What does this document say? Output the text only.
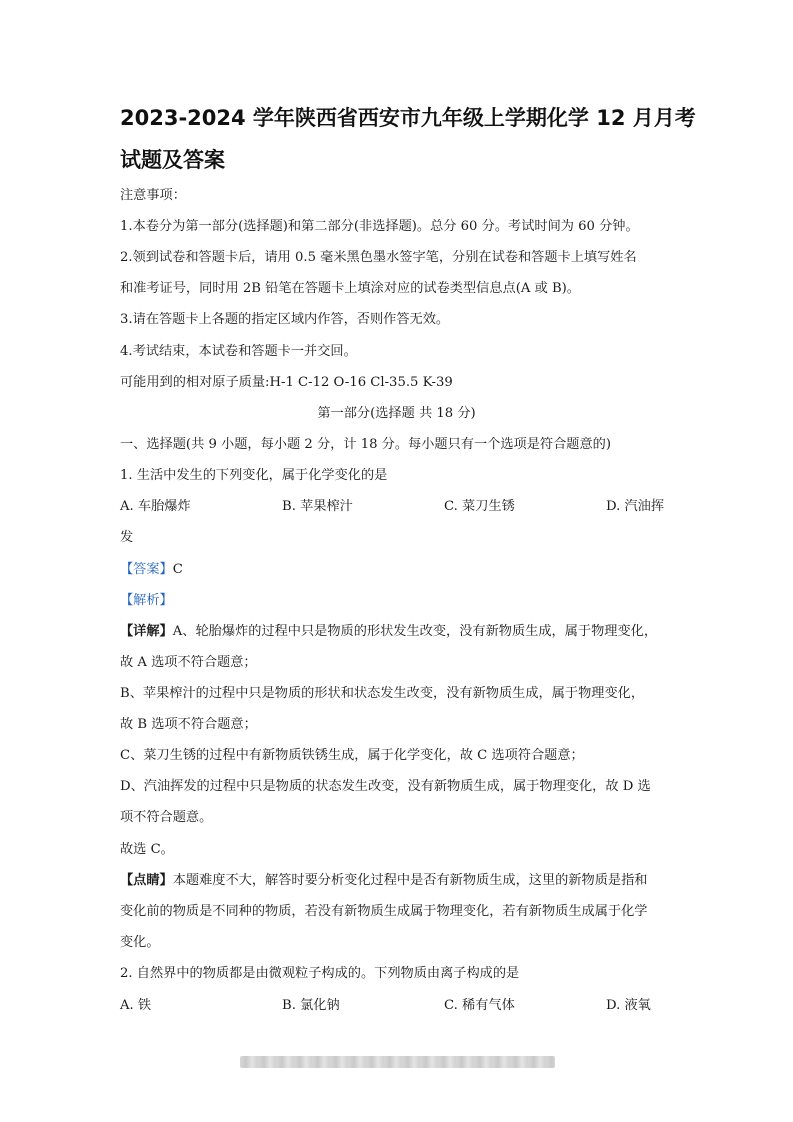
2023-2024 学年陕西省西安市九年级上学期化学 12 月月考
试题及答案
注意事项：
1.本卷分为第一部分(选择题)和第二部分(非选择题)。总分 60 分。考试时间为 60 分钟。
2.领到试卷和答题卡后，请用 0.5 毫米黑色墨水签字笔，分别在试卷和答题卡上填写姓名
和准考证号，同时用 2B 铅笔在答题卡上填涂对应的试卷类型信息点(A 或 B)。
3.请在答题卡上各题的指定区域内作答，否则作答无效。
4.考试结束，本试卷和答题卡一并交回。
可能用到的相对原子质量:H-1 C-12 O-16 Cl-35.5 K-39
第一部分(选择题 共 18 分)
一、选择题(共 9 小题，每小题 2 分，计 18 分。每小题只有一个选项是符合题意的)
1. 生活中发生的下列变化，属于化学变化的是
A. 车胎爆炸	B. 苹果榨汁	C. 菜刀生锈	D. 汽油挥
发
【答案】C
【解析】
【详解】A、轮胎爆炸的过程中只是物质的形状发生改变，没有新物质生成，属于物理变化，
故 A 选项不符合题意；
B、苹果榨汁的过程中只是物质的形状和状态发生改变，没有新物质生成，属于物理变化，
故 B 选项不符合题意；
C、菜刀生锈的过程中有新物质铁锈生成，属于化学变化，故 C 选项符合题意；
D、汽油挥发的过程中只是物质的状态发生改变，没有新物质生成，属于物理变化，故 D 选
项不符合题意。
故选 C。
【点睛】本题难度不大，解答时要分析变化过程中是否有新物质生成，这里的新物质是指和
变化前的物质是不同种的物质，若没有新物质生成属于物理变化，若有新物质生成属于化学
变化。
2. 自然界中的物质都是由微观粒子构成的。下列物质由离子构成的是
A. 铁	B. 氯化钠	C. 稀有气体	D. 液氧
